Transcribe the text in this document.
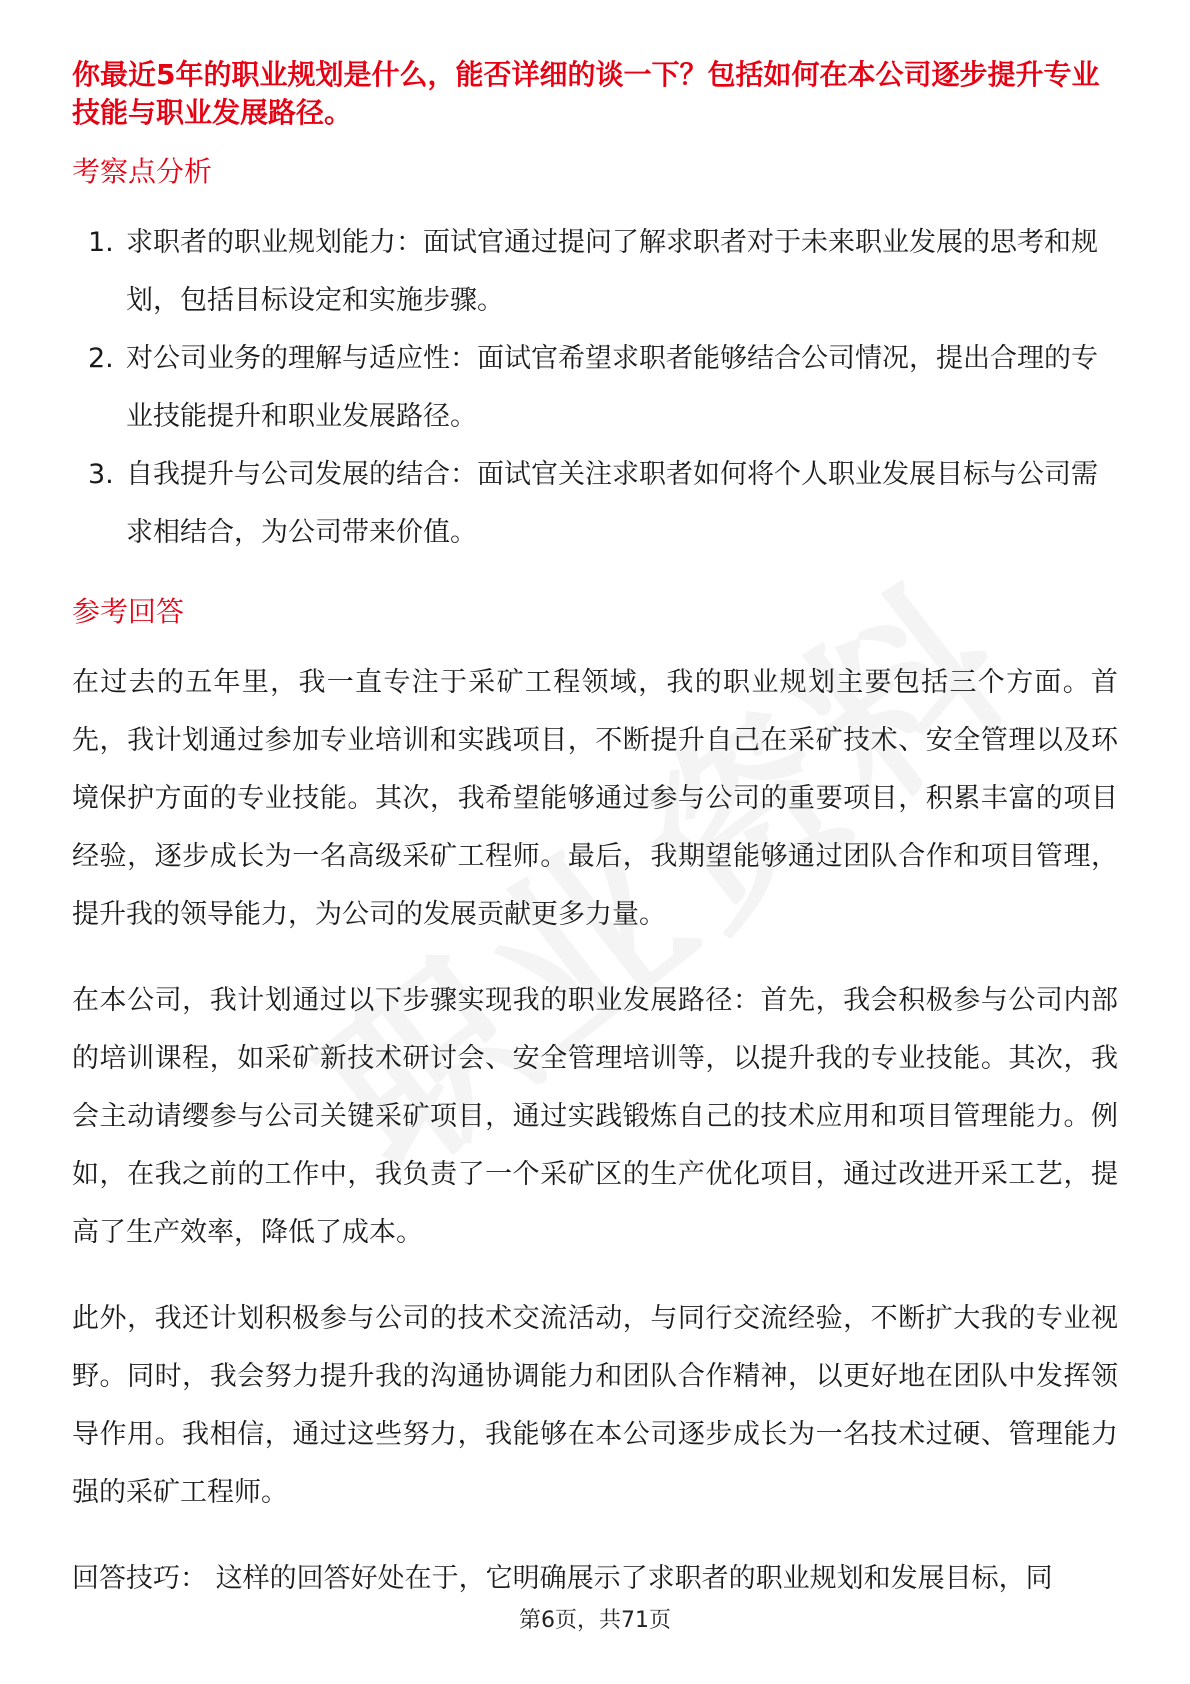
你最近5年的职业规划是什么，能否详细的谈一下？包括如何在本公司逐步提升专业技能与职业发展路径。
考察点分析
1. 求职者的职业规划能力：面试官通过提问了解求职者对于未来职业发展的思考和规划，包括目标设定和实施步骤。
2. 对公司业务的理解与适应性：面试官希望求职者能够结合公司情况，提出合理的专业技能提升和职业发展路径。
3. 自我提升与公司发展的结合：面试官关注求职者如何将个人职业发展目标与公司需求相结合，为公司带来价值。
参考回答

在过去的五年里，我一直专注于采矿工程领域，我的职业规划主要包括三个方面。首先，我计划通过参加专业培训和实践项目，不断提升自己在采矿技术、安全管理以及环境保护方面的专业技能。其次，我希望能够通过参与公司的重要项目，积累丰富的项目经验，逐步成长为一名高级采矿工程师。最后，我期望能够通过团队合作和项目管理，提升我的领导能力，为公司的发展贡献更多力量。

在本公司，我计划通过以下步骤实现我的职业发展路径：首先，我会积极参与公司内部的培训课程，如采矿新技术研讨会、安全管理培训等，以提升我的专业技能。其次，我会主动请缨参与公司关键采矿项目，通过实践锻炼自己的技术应用和项目管理能力。例如，在我之前的工作中，我负责了一个采矿区的生产优化项目，通过改进开采工艺，提高了生产效率，降低了成本。

此外，我还计划积极参与公司的技术交流活动，与同行交流经验，不断扩大我的专业视野。同时，我会努力提升我的沟通协调能力和团队合作精神，以更好地在团队中发挥领导作用。我相信，通过这些努力，我能够在本公司逐步成长为一名技术过硬、管理能力强的采矿工程师。

回答技巧： 这样的回答好处在于，它明确展示了求职者的职业规划和发展目标，同

第6页，共71页
